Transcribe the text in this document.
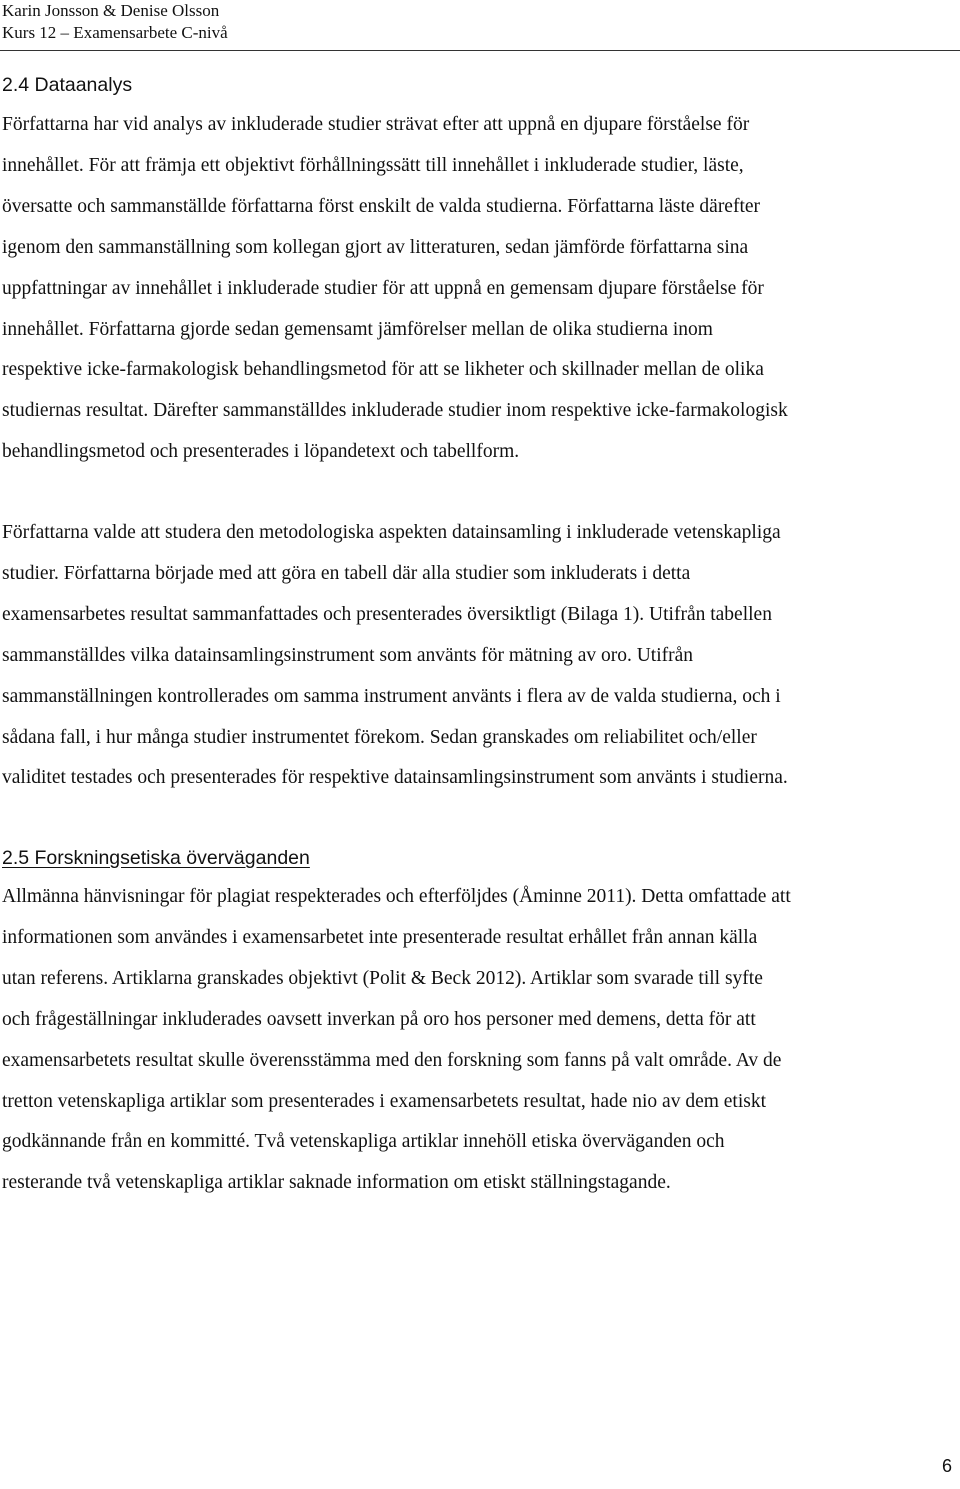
Karin Jonsson & Denise Olsson
Kurs 12 – Examensarbete C-nivå
2.4 Dataanalys
Författarna har vid analys av inkluderade studier strävat efter att uppnå en djupare förståelse för
innehållet. För att främja ett objektivt förhållningssätt till innehållet i inkluderade studier, läste,
översatte och sammanställde författarna först enskilt de valda studierna. Författarna läste därefter
igenom den sammanställning som kollegan gjort av litteraturen, sedan jämförde författarna sina
uppfattningar av innehållet i inkluderade studier för att uppnå en gemensam djupare förståelse för
innehållet. Författarna gjorde sedan gemensamt jämförelser mellan de olika studierna inom
respektive icke-farmakologisk behandlingsmetod för att se likheter och skillnader mellan de olika
studiernas resultat. Därefter sammanställdes inkluderade studier inom respektive icke-farmakologisk
behandlingsmetod och presenterades i löpandetext och tabellform.
Författarna valde att studera den metodologiska aspekten datainsamling i inkluderade vetenskapliga
studier. Författarna började med att göra en tabell där alla studier som inkluderats i detta
examensarbetes resultat sammanfattades och presenterades översiktligt (Bilaga 1). Utifrån tabellen
sammanställdes vilka datainsamlingsinstrument som använts för mätning av oro. Utifrån
sammanställningen kontrollerades om samma instrument använts i flera av de valda studierna, och i
sådana fall, i hur många studier instrumentet förekom. Sedan granskades om reliabilitet och/eller
validitet testades och presenterades för respektive datainsamlingsinstrument som använts i studierna.
2.5 Forskningsetiska överväganden
Allmänna hänvisningar för plagiat respekterades och efterföljdes (Åminne 2011). Detta omfattade att
informationen som användes i examensarbetet inte presenterade resultat erhållet från annan källa
utan referens. Artiklarna granskades objektivt (Polit & Beck 2012). Artiklar som svarade till syfte
och frågeställningar inkluderades oavsett inverkan på oro hos personer med demens, detta för att
examensarbetets resultat skulle överensstämma med den forskning som fanns på valt område. Av de
tretton vetenskapliga artiklar som presenterades i examensarbetets resultat, hade nio av dem etiskt
godkännande från en kommitté. Två vetenskapliga artiklar innehöll etiska överväganden och
resterande två vetenskapliga artiklar saknade information om etiskt ställningstagande.
6
